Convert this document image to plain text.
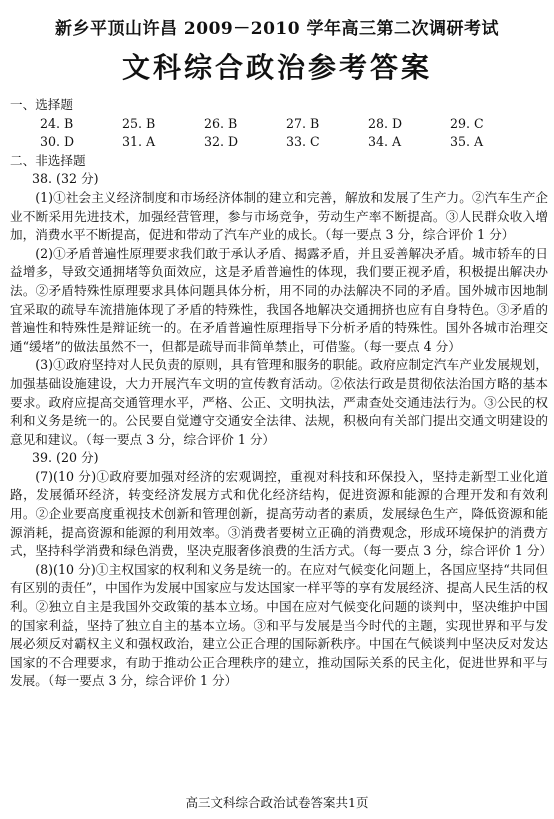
新乡平顶山许昌 2009－2010 学年高三第二次调研考试
文科综合政治参考答案
一、选择题
24. B	25. B	26. B	27. B	28. D	29. C
30. D	31. A	32. D	33. C	34. A	35. A
二、非选择题
38. (32 分)

(1)①社会主义经济制度和市场经济体制的建立和完善，解放和发展了生产力。②汽车生产企业不断采用先进技术，加强经营管理，参与市场竞争，劳动生产率不断提高。③人民群众收入增加，消费水平不断提高，促进和带动了汽车产业的成长。（每一要点 3 分，综合评价 1 分）

(2)①矛盾普遍性原理要求我们敢于承认矛盾、揭露矛盾，并且妥善解决矛盾。城市轿车的日益增多，导致交通拥堵等负面效应，这是矛盾普遍性的体现，我们要正视矛盾，积极提出解决办法。②矛盾特殊性原理要求具体问题具体分析，用不同的办法解决不同的矛盾。国外城市因地制宜采取的疏导车流措施体现了矛盾的特殊性，我国各地解决交通拥挤也应有自身特色。③矛盾的普遍性和特殊性是辩证统一的。在矛盾普遍性原理指导下分析矛盾的特殊性。国外各城市治理交通“缓堵”的做法虽然不一，但都是疏导而非简单禁止，可借鉴。（每一要点 4 分）

(3)①政府坚持对人民负责的原则，具有管理和服务的职能。政府应制定汽车产业发展规划，加强基础设施建设，大力开展汽车文明的宣传教育活动。②依法行政是贯彻依法治国方略的基本要求。政府应提高交通管理水平，严格、公正、文明执法，严肃查处交通违法行为。③公民的权利和义务是统一的。公民要自觉遵守交通安全法律、法规，积极向有关部门提出交通文明建设的意见和建议。（每一要点 3 分，综合评价 1 分）

39. (20 分)

(7)(10 分)①政府要加强对经济的宏观调控，重视对科技和环保投入，坚持走新型工业化道路，发展循环经济，转变经济发展方式和优化经济结构，促进资源和能源的合理开发和有效利用。②企业要高度重视技术创新和管理创新，提高劳动者的素质，发展绿色生产，降低资源和能源消耗，提高资源和能源的利用效率。③消费者要树立正确的消费观念，形成环境保护的消费方式，坚持科学消费和绿色消费，坚决克服奢侈浪费的生活方式。（每一要点 3 分，综合评价 1 分）

(8)(10 分)①主权国家的权利和义务是统一的。在应对气候变化问题上，各国应坚持“共同但有区别的责任”，中国作为发展中国家应与发达国家一样平等的享有发展经济、提高人民生活的权利。②独立自主是我国外交政策的基本立场。中国在应对气候变化问题的谈判中，坚决维护中国的国家利益，坚持了独立自主的基本立场。③和平与发展是当今时代的主题，实现世界和平与发展必须反对霸权主义和强权政治，建立公正合理的国际新秩序。中国在气候谈判中坚决反对发达国家的不合理要求，有助于推动公正合理秩序的建立，推动国际关系的民主化，促进世界和平与发展。（每一要点 3 分，综合评价 1 分）

高三文科综合政治试卷答案共1页
